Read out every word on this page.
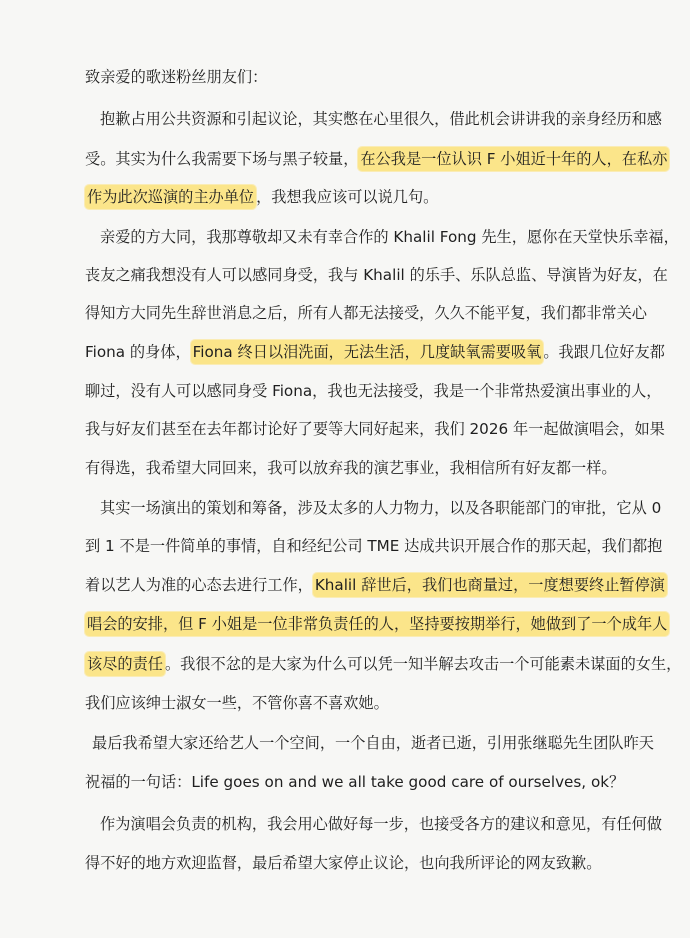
致亲爱的歌迷粉丝朋友们：
抱歉占用公共资源和引起议论，其实憋在心里很久，借此机会讲讲我的亲身经历和感
受。其实为什么我需要下场与黑子较量， 在公我是一位认识 F 小姐近十年的人，在私亦
作为此次巡演的主办单位 ，我想我应该可以说几句。
亲爱的方大同，我那尊敬却又未有幸合作的 Khalil Fong 先生，愿你在天堂快乐幸福，
丧友之痛我想没有人可以感同身受，我与 Khalil 的乐手、乐队总监、导演皆为好友，在
得知方大同先生辞世消息之后，所有人都无法接受，久久不能平复，我们都非常关心
Fiona 的身体， Fiona 终日以泪洗面，无法生活，几度缺氧需要吸氧 。我跟几位好友都
聊过，没有人可以感同身受 Fiona，我也无法接受，我是一个非常热爱演出事业的人，
我与好友们甚至在去年都讨论好了要等大同好起来，我们 2026 年一起做演唱会，如果
有得选，我希望大同回来，我可以放弃我的演艺事业，我相信所有好友都一样。
其实一场演出的策划和筹备，涉及太多的人力物力，以及各职能部门的审批，它从 0
到 1 不是一件简单的事情，自和经纪公司 TME 达成共识开展合作的那天起，我们都抱
着以艺人为准的心态去进行工作， Khalil 辞世后，我们也商量过，一度想要终止暂停演
唱会的安排，但 F 小姐是一位非常负责任的人，坚持要按期举行，她做到了一个成年人
该尽的责任 。我很不忿的是大家为什么可以凭一知半解去攻击一个可能素未谋面的女生，
我们应该绅士淑女一些，不管你喜不喜欢她。
最后我希望大家还给艺人一个空间，一个自由，逝者已逝，引用张继聪先生团队昨天
祝福的一句话：Life goes on and we all take good care of ourselves, ok？
作为演唱会负责的机构，我会用心做好每一步，也接受各方的建议和意见，有任何做
得不好的地方欢迎监督，最后希望大家停止议论，也向我所评论的网友致歉。
